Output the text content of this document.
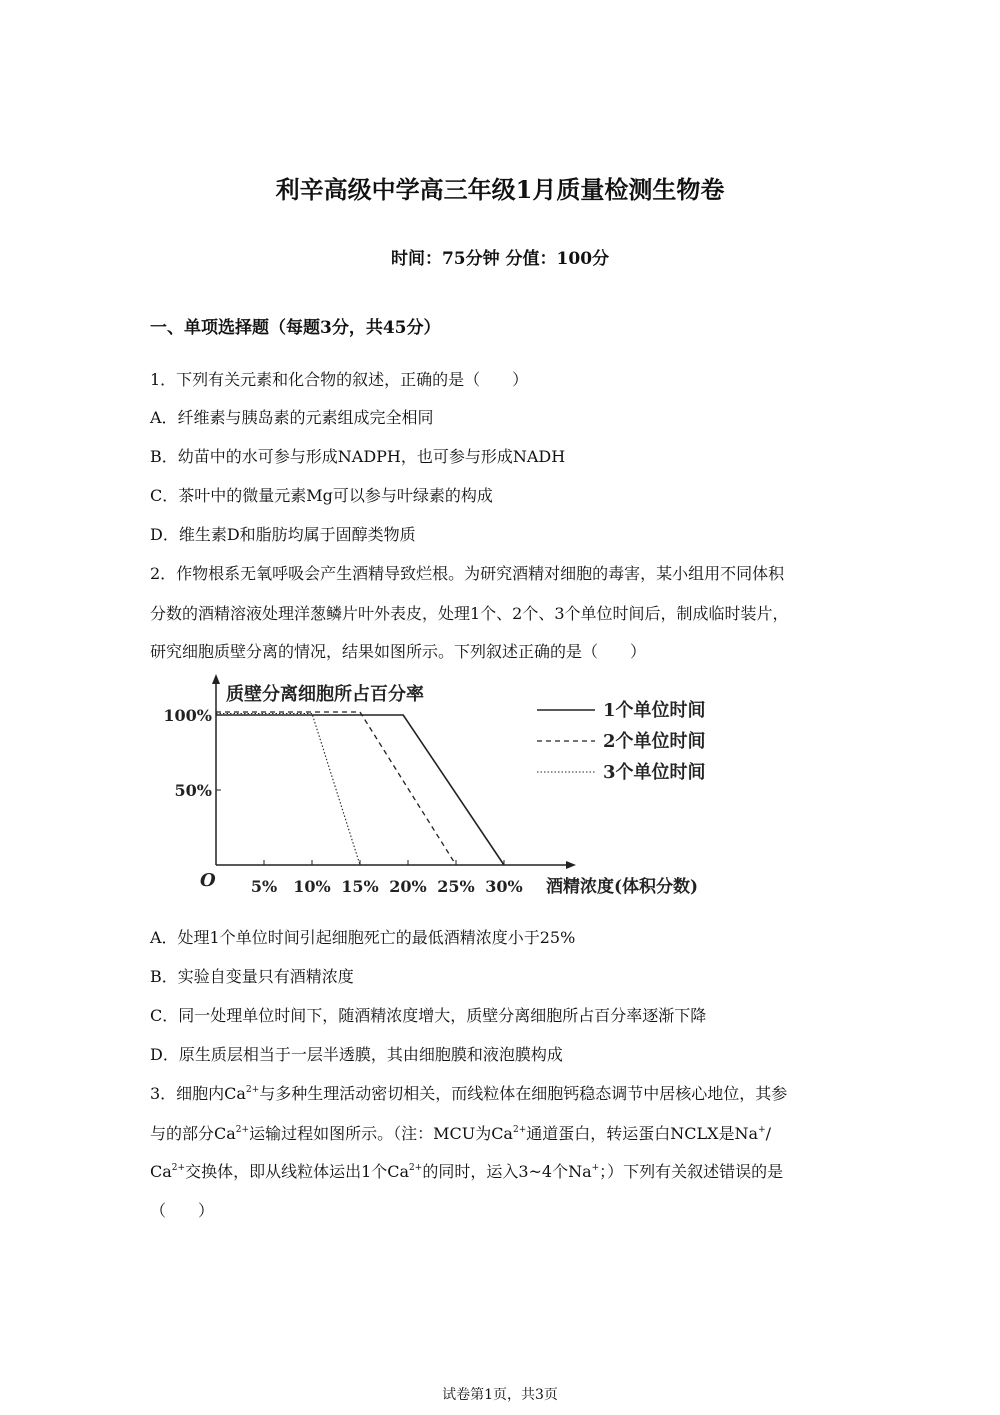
利辛高级中学高三年级1月质量检测生物卷
时间：75分钟 分值：100分
一、单项选择题（每题3分，共45分）
1．下列有关元素和化合物的叙述，正确的是（　　）
A．纤维素与胰岛素的元素组成完全相同
B．幼苗中的水可参与形成NADPH，也可参与形成NADH
C．茶叶中的微量元素Mg可以参与叶绿素的构成
D．维生素D和脂肪均属于固醇类物质
2．作物根系无氧呼吸会产生酒精导致烂根。为研究酒精对细胞的毒害，某小组用不同体积
分数的酒精溶液处理洋葱鳞片叶外表皮，处理1个、2个、3个单位时间后，制成临时装片，
研究细胞质壁分离的情况，结果如图所示。下列叙述正确的是（　　）
质壁分离细胞所占百分率
酒精浓度(体积分数)
O 5% 10% 15% 20% 25% 30%
50%
100%	1个单位时间
2个单位时间
3个单位时间
A．处理1个单位时间引起细胞死亡的最低酒精浓度小于25%
B．实验自变量只有酒精浓度
C．同一处理单位时间下，随酒精浓度增大，质壁分离细胞所占百分率逐渐下降
D．原生质层相当于一层半透膜，其由细胞膜和液泡膜构成
3．细胞内$Ca^{2+}$与多种生理活动密切相关，而线粒体在细胞钙稳态调节中居核心地位，其参
与的部分$Ca^{2+}$运输过程如图所示。（注：MCU为$Ca^{2+}$通道蛋白，转运蛋白NCLX是Na+/
$Ca^{2+}$交换体，即从线粒体运出1个$Ca^{2+}$的同时，运入3~4个Na+；）下列有关叙述错误的是
（　　）
试卷第1页，共3页
